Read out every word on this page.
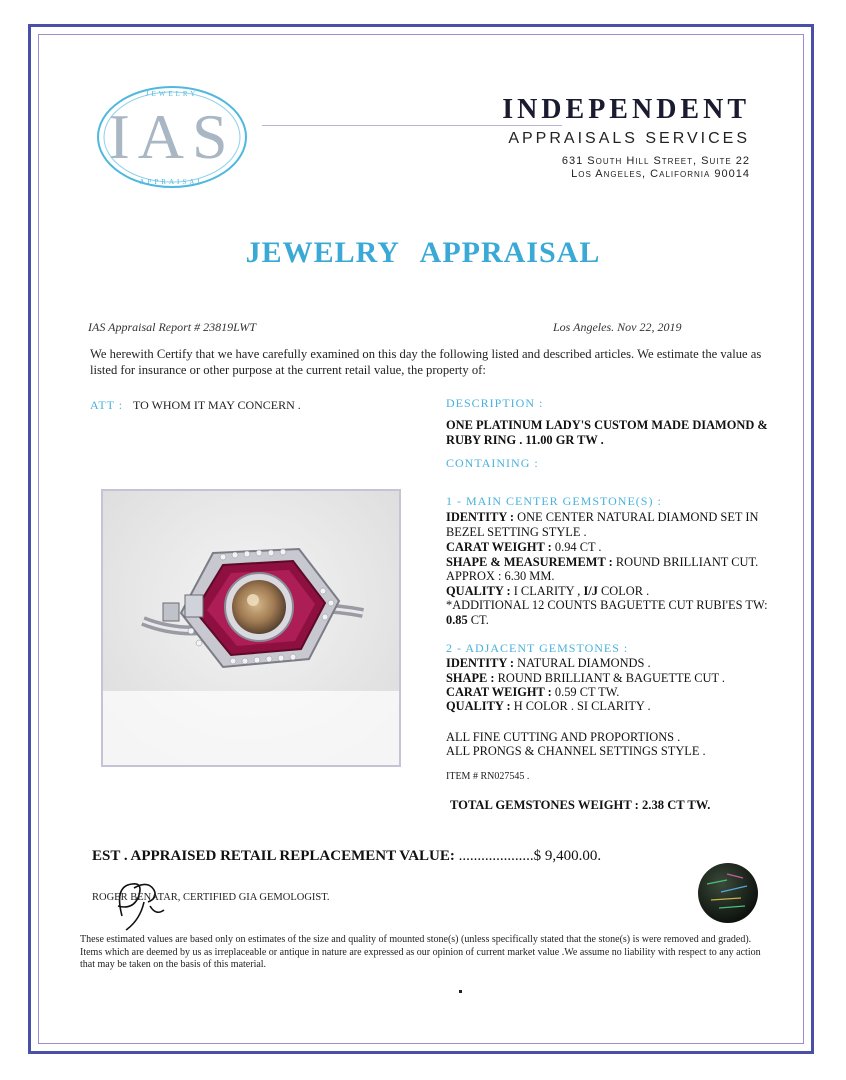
IAS
JEWELRY
APPRAISAL
INDEPENDENT
APPRAISALS SERVICES
631 South Hill Street, Suite 22
Los Angeles, California 90014
JEWELRY APPRAISAL
IAS Appraisal Report # 23819LWT	Los Angeles. Nov 22, 2019
We herewith Certify that we have carefully examined on this day the following listed and described articles. We estimate the value as listed for insurance or other purpose at the current retail value, the property of:
ATT : TO WHOM IT MAY CONCERN .	DESCRIPTION :
ONE PLATINUM LADY'S CUSTOM MADE DIAMOND &
RUBY RING . 11.00 GR TW .
CONTAINING :
1 - MAIN CENTER GEMSTONE(S) :
IDENTITY : ONE CENTER NATURAL DIAMOND SET IN
BEZEL SETTING STYLE .
CARAT WEIGHT : 0.94 CT .
SHAPE & MEASUREMEMT : ROUND BRILLIANT CUT.
APPROX : 6.30 MM.
QUALITY : I CLARITY , I/J COLOR .
*ADDITIONAL 12 COUNTS BAGUETTE CUT RUBI'ES TW:
0.85 CT.
2 - ADJACENT GEMSTONES :
IDENTITY : NATURAL DIAMONDS .
SHAPE : ROUND BRILLIANT & BAGUETTE CUT .
CARAT WEIGHT : 0.59 CT TW.
QUALITY : H COLOR . SI CLARITY .
ALL FINE CUTTING AND PROPORTIONS .
ALL PRONGS & CHANNEL SETTINGS STYLE .
ITEM # RN027545 .
TOTAL GEMSTONES WEIGHT : 2.38 CT TW.
EST . APPRAISED RETAIL REPLACEMENT VALUE: ....................$ 9,400.00.
ROGER BENATAR, CERTIFIED GIA GEMOLOGIST.
These estimated values are based only on estimates of the size and quality of mounted stone(s) (unless specifically stated that the stone(s) is were removed and graded). Items which are deemed by us as irreplaceable or antique in nature are expressed as our opinion of current market value .We assume no liability with respect to any action that may be taken on the basis of this material.
